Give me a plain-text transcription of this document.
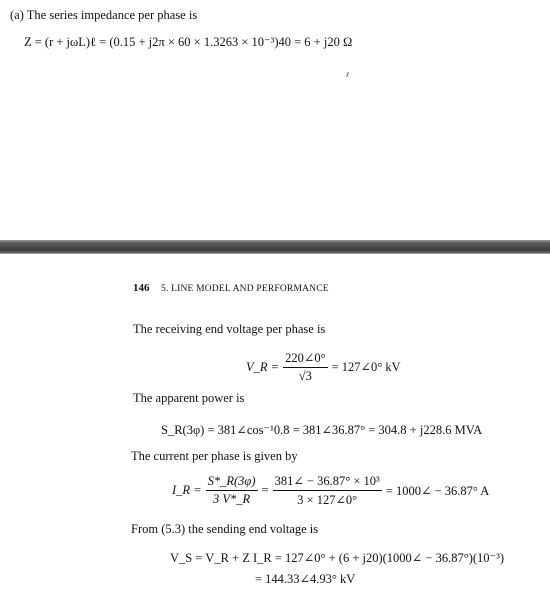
(a) The series impedance per phase is
Z = (r + jωL)ℓ = (0.15 + j2π × 60 × 1.3263 × 10⁻³)40 = 6 + j20 Ω
146 5. LINE MODEL AND PERFORMANCE
The receiving end voltage per phase is
V_R = $\frac{220\angle 0^\circ}{√3}$ = 127∠0° kV
The apparent power is
S_R(3φ) = 381∠cos⁻¹0.8 = 381∠36.87° = 304.8 + j228.6 MVA
The current per phase is given by
I_R = $\frac{S*\_R(3\varphi)}{3 V*\_R} = \frac{\text{381∠ − 36.87° × 10³}}{3 \times 127\angle 0^\circ}$ = 1000∠ − 36.87° A
From (5.3) the sending end voltage is
V_S = V_R + Z I_R = 127∠0° + (6 + j20)(1000∠ − 36.87°)(10⁻³)
= 144.33∠4.93° kV
